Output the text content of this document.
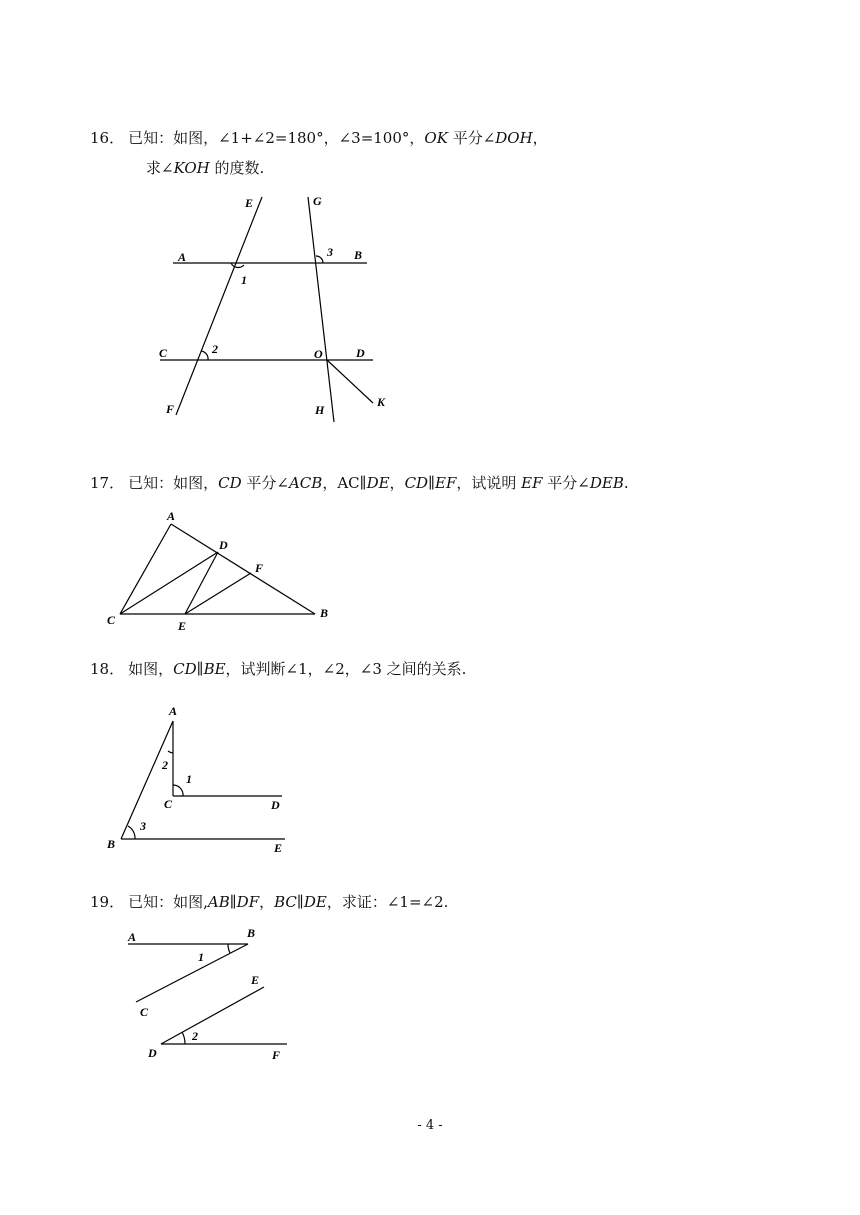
16． 已知：如图，∠1+∠2=180°，∠3=100°，OK 平分∠DOH，
求∠KOH 的度数.
17． 已知：如图，CD 平分∠ACB，AC∥DE，CD∥EF，试说明 EF 平分∠DEB.
18． 如图，CD∥BE，试判断∠1，∠2，∠3 之间的关系.
19． 已知：如图,AB∥DF，BC∥DE，求证：∠1=∠2.
E	G
A	B
1
3
C	2	O	D
F	H
K
A
D
F
C	E
B
A
2
1
C	D
3
B	E
A	B
1
C
E
2
D	F
- 4 -
